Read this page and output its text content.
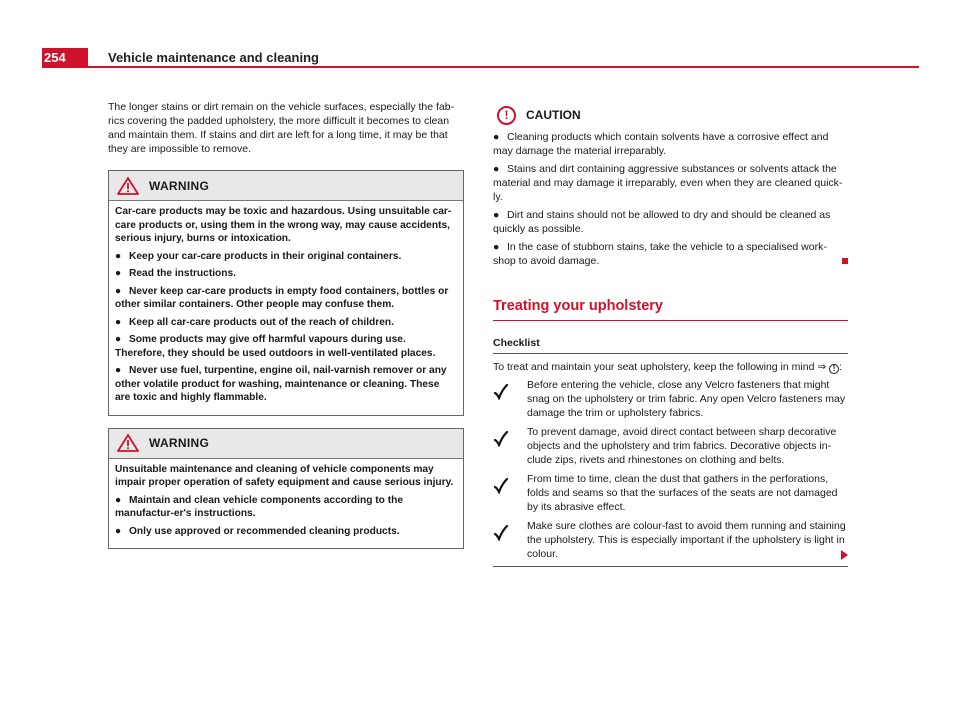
254	Vehicle maintenance and cleaning

The longer stains or dirt remain on the vehicle surfaces, especially the fab-rics covering the padded upholstery, the more difficult it becomes to clean and maintain them. If stains and dirt are left for a long time, it may be that they are impossible to remove.

WARNING

Car-care products may be toxic and hazardous. Using unsuitable car-care products or, using them in the wrong way, may cause accidents, serious injury, burns or intoxication.

● Keep your car-care products in their original containers.

● Read the instructions.

● Never keep car-care products in empty food containers, bottles or other similar containers. Other people may confuse them.

● Keep all car-care products out of the reach of children.

● Some products may give off harmful vapours during use. Therefore, they should be used outdoors in well-ventilated places.

● Never use fuel, turpentine, engine oil, nail-varnish remover or any other volatile product for washing, maintenance or cleaning. These are toxic and highly flammable.

WARNING

Unsuitable maintenance and cleaning of vehicle components may impair proper operation of safety equipment and cause serious injury.

● Maintain and clean vehicle components according to the manufactur-er's instructions.

● Only use approved or recommended cleaning products.

!	CAUTION

● Cleaning products which contain solvents have a corrosive effect and may damage the material irreparably.

● Stains and dirt containing aggressive substances or solvents attack the material and may damage it irreparably, even when they are cleaned quick-ly.

● Dirt and stains should not be allowed to dry and should be cleaned as quickly as possible.

● In the case of stubborn stains, take the vehicle to a specialised work-shop to avoid damage.

Treating your upholstery
Checklist

To treat and maintain your seat upholstery, keep the following in mind ⇒ ! :

Before entering the vehicle, close any Velcro fasteners that might snag on the upholstery or trim fabric. Any open Velcro fasteners may damage the trim or upholstery fabrics.

To prevent damage, avoid direct contact between sharp decorative objects and the upholstery and trim fabrics. Decorative objects in-clude zips, rivets and rhinestones on clothing and belts.

From time to time, clean the dust that gathers in the perforations, folds and seams so that the surfaces of the seats are not damaged by its abrasive effect.

Make sure clothes are colour-fast to avoid them running and staining the upholstery. This is especially important if the upholstery is light in colour.
